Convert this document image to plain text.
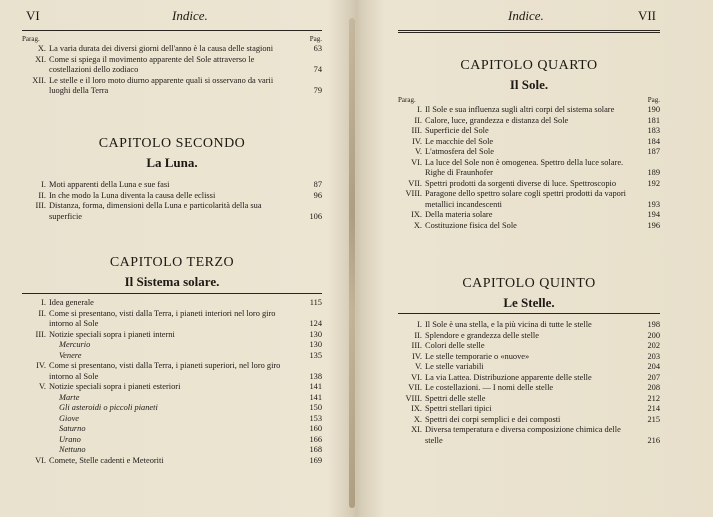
VI	Indice.
Parag.	Pag.
X. La varia durata dei diversi giorni dell'anno è la causa delle stagioni	63
XI. Come si spiega il movimento apparente del Sole attraverso le costellazioni dello zodiaco	74
XII. Le stelle e il loro moto diurno apparente quali si osservano da varii luoghi della Terra	79
CAPITOLO SECONDO
La Luna.
I. Moti apparenti della Luna e sue fasi	87
II. In che modo la Luna diventa la causa delle eclissi	96
III. Distanza, forma, dimensioni della Luna e particolarità della sua superficie	106
CAPITOLO TERZO
Il Sistema solare.
I. Idea generale	115
II. Come si presentano, visti dalla Terra, i pianeti interiori nel loro giro intorno al Sole	124
III. Notizie speciali sopra i pianeti interni	130
Mercurio	130
Venere	135
IV. Come si presentano, visti dalla Terra, i pianeti superiori, nel loro giro intorno al Sole	138
V. Notizie speciali sopra i pianeti esteriori	141
Marte	141
Gli asteroidi o piccoli pianeti	150
Giove	153
Saturno	160
Urano	166
Nettuno	168
VI. Comete, Stelle cadenti e Meteoriti	169
Indice.	VII
CAPITOLO QUARTO
Il Sole.
Parag.	Pag.
I. Il Sole e sua influenza sugli altri corpi del sistema solare	190
II. Calore, luce, grandezza e distanza del Sole	181
III. Superficie del Sole	183
IV. Le macchie del Sole	184
V. L'atmosfera del Sole	187
VI. La luce del Sole non è omogenea. Spettro della luce solare. Righe di Fraunhofer	189
VII. Spettri prodotti da sorgenti diverse di luce. Spettroscopio	192
VIII. Paragone dello spettro solare cogli spettri prodotti da vapori metallici incandescenti	193
IX. Della materia solare	194
X. Costituzione fisica del Sole	196
CAPITOLO QUINTO
Le Stelle.
I. Il Sole è una stella, e la più vicina di tutte le stelle	198
II. Splendore e grandezza delle stelle	200
III. Colori delle stelle	202
IV. Le stelle temporarie o «nuove»	203
V. Le stelle variabili	204
VI. La via Lattea. Distribuzione apparente delle stelle	207
VII. Le costellazioni. — I nomi delle stelle	208
VIII. Spettri delle stelle	212
IX. Spettri stellari tipici	214
X. Spettri dei corpi semplici e dei composti	215
XI. Diversa temperatura e diversa composizione chimica delle stelle	216
